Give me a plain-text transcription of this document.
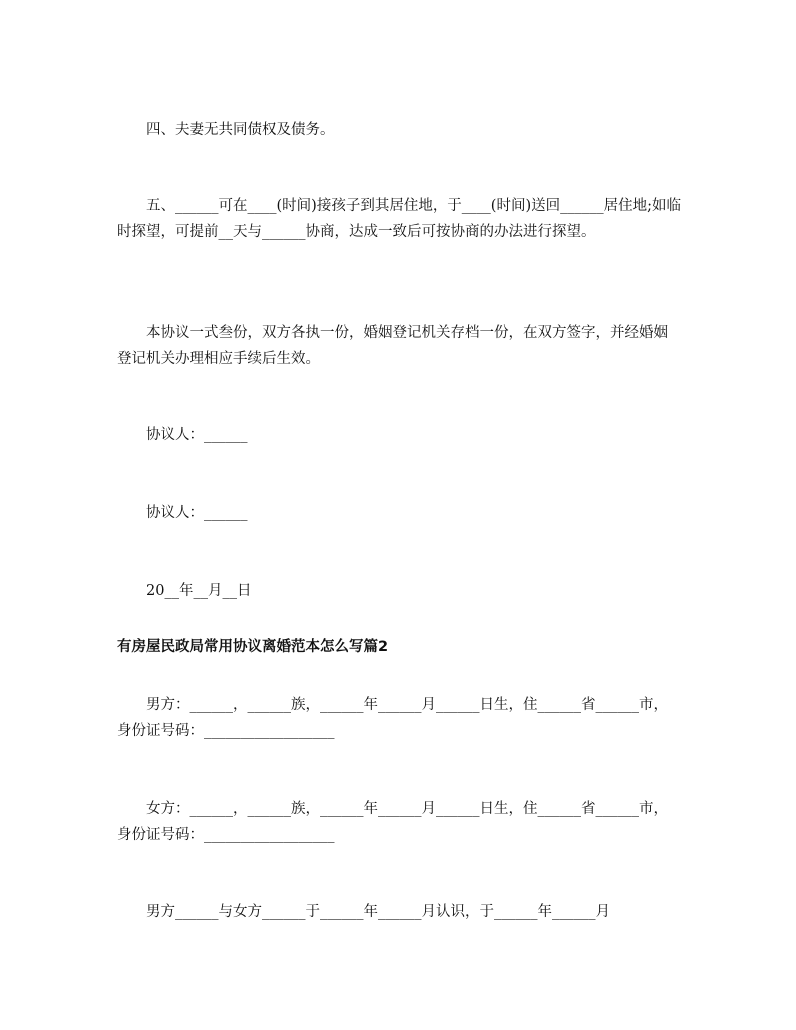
　　四、夫妻无共同债权及债务。

　　五、______可在____(时间)接孩子到其居住地，于____(时间)送回______居住地;如临时探望，可提前__天与______协商，达成一致后可按协商的办法进行探望。

　　本协议一式叁份，双方各执一份，婚姻登记机关存档一份，在双方签字，并经婚姻登记机关办理相应手续后生效。

　　协议人：______

　　协议人：______

　　20__年__月__日

有房屋民政局常用协议离婚范本怎么写篇2

　　男方：______，______族，______年______月______日生，住______省______市，身份证号码：__________________

　　女方：______，______族，______年______月______日生，住______省______市，身份证号码：__________________

　　男方______与女方______于______年______月认识，于______年______月
